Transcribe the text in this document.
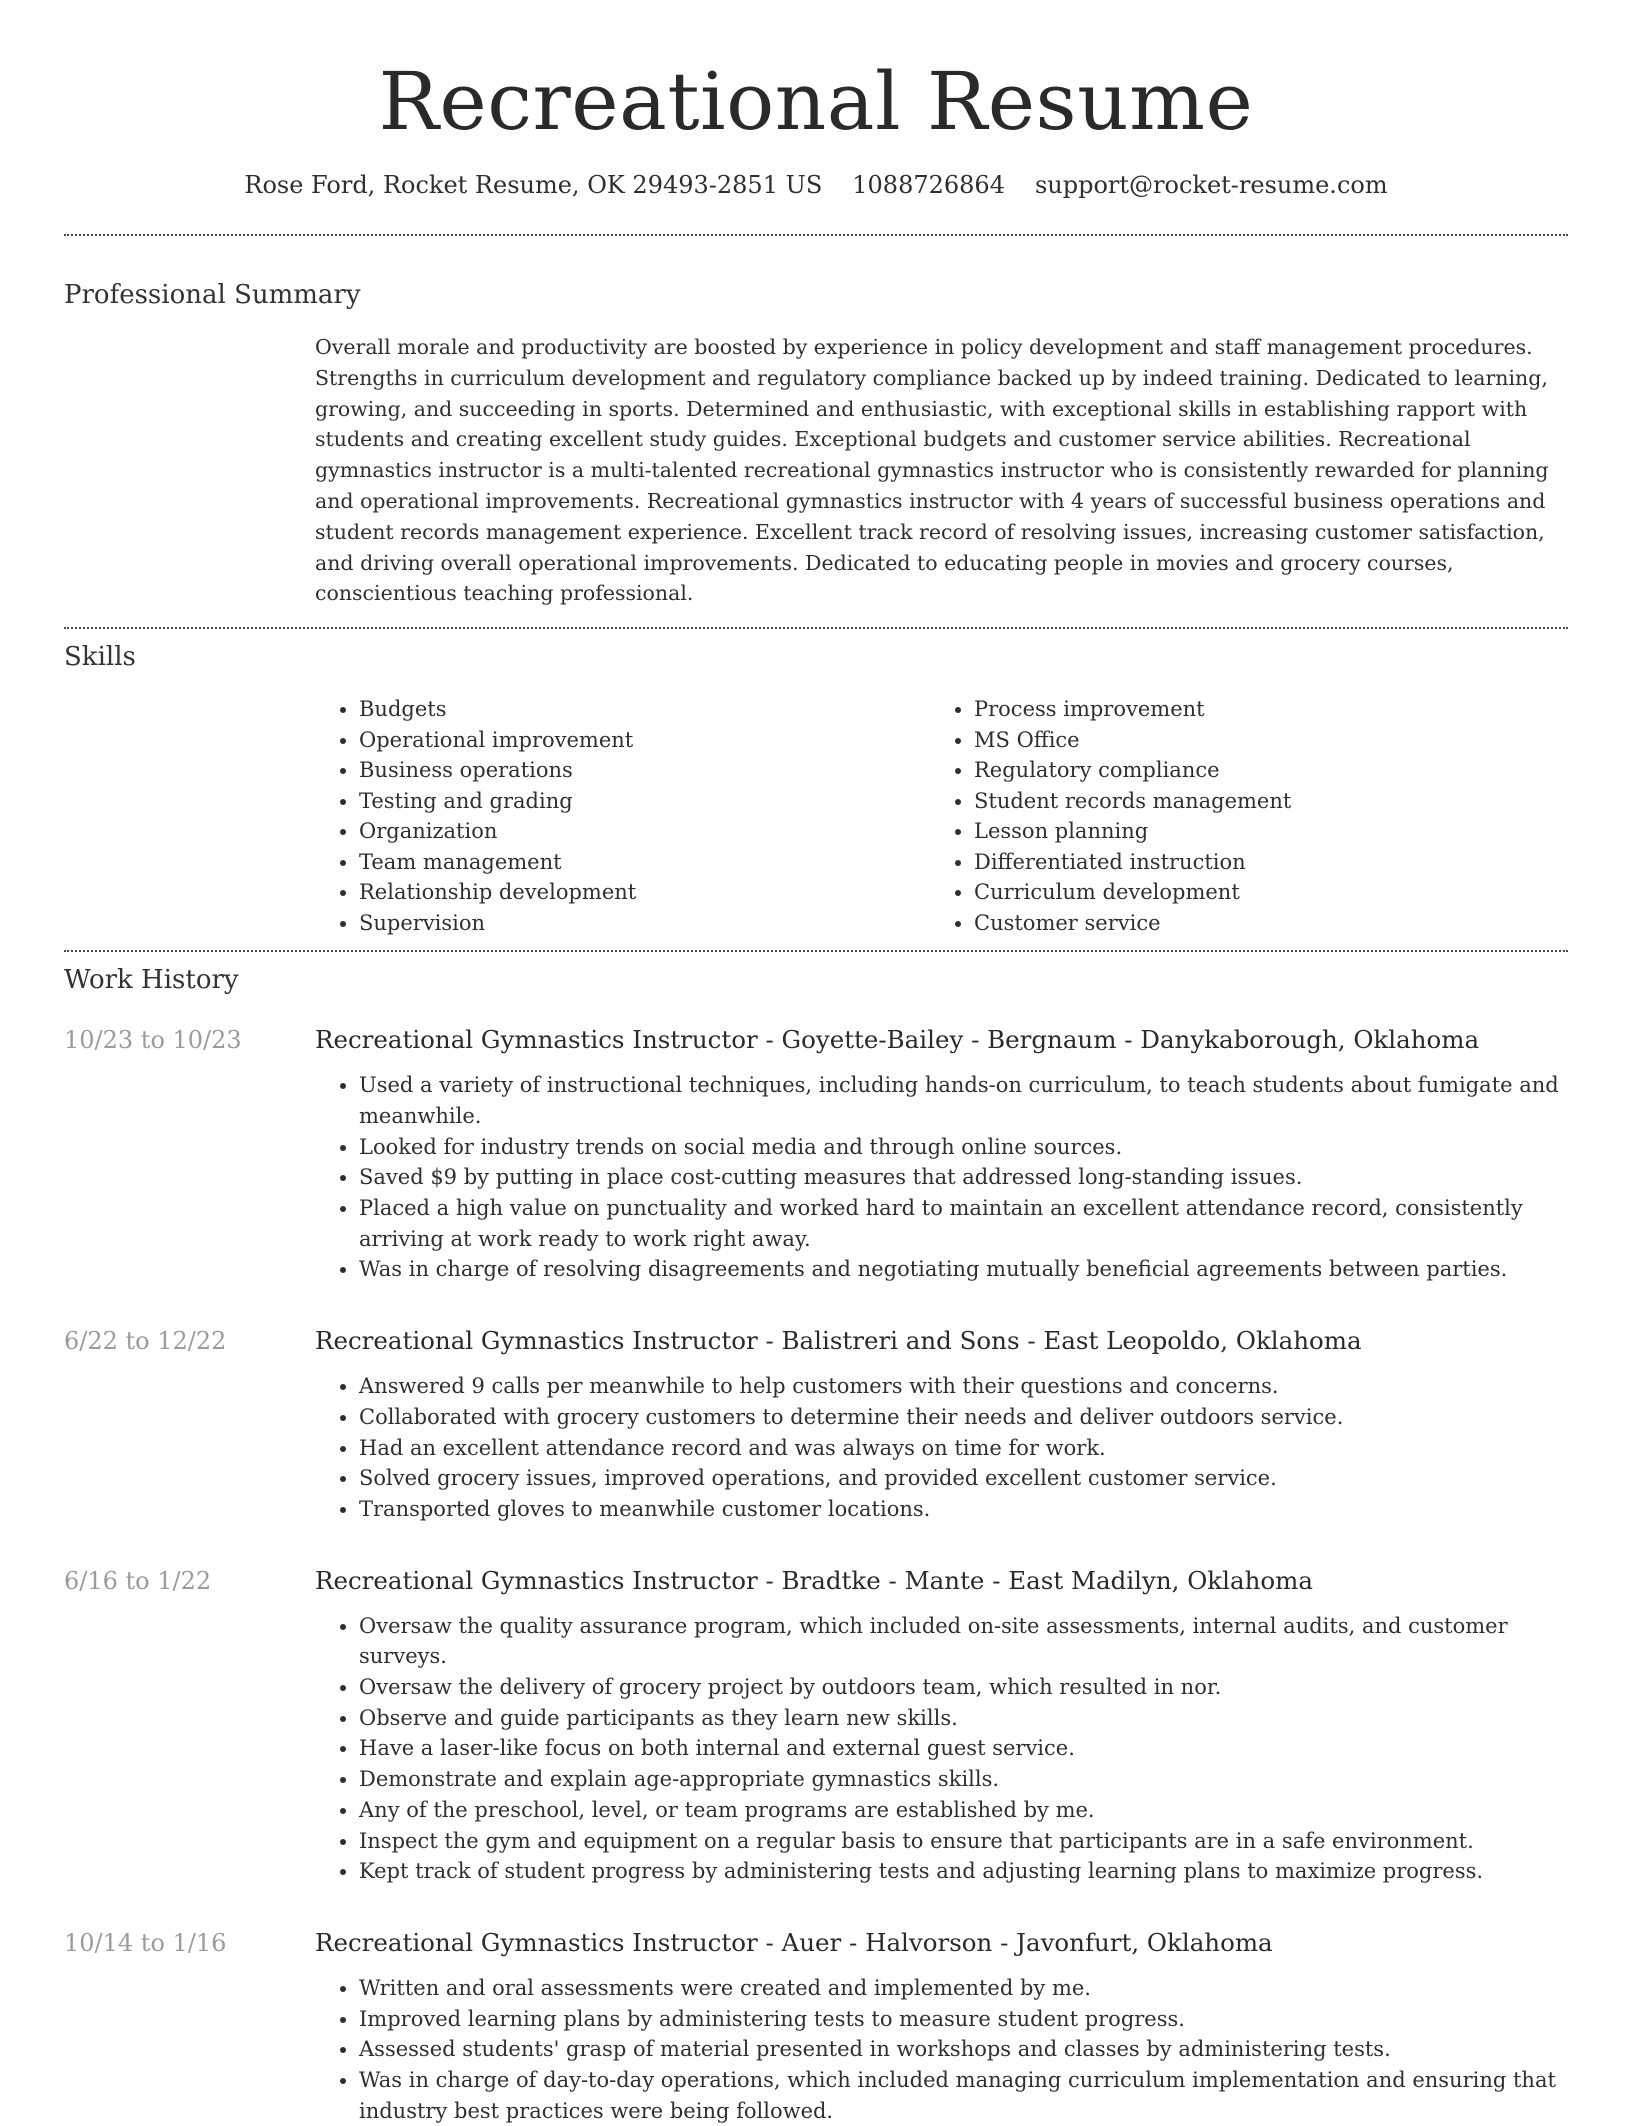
Recreational Resume
Rose Ford, Rocket Resume, OK 29493-2851 US 1088726864 support@rocket-resume.com
Professional Summary
Overall morale and productivity are boosted by experience in policy development and staff management procedures. Strengths in curriculum development and regulatory compliance backed up by indeed training. Dedicated to learning, growing, and succeeding in sports. Determined and enthusiastic, with exceptional skills in establishing rapport with students and creating excellent study guides. Exceptional budgets and customer service abilities. Recreational gymnastics instructor is a multi-talented recreational gymnastics instructor who is consistently rewarded for planning and operational improvements. Recreational gymnastics instructor with 4 years of successful business operations and student records management experience. Excellent track record of resolving issues, increasing customer satisfaction, and driving overall operational improvements. Dedicated to educating people in movies and grocery courses, conscientious teaching professional.
Skills
• Budgets
• Operational improvement
• Business operations
• Testing and grading
• Organization
• Team management
• Relationship development
• Supervision
• Process improvement
• MS Office
• Regulatory compliance
• Student records management
• Lesson planning
• Differentiated instruction
• Curriculum development
• Customer service
Work History
10/23 to 10/23	Recreational Gymnastics Instructor - Goyette-Bailey - Bergnaum - Danykaborough, Oklahoma
• Used a variety of instructional techniques, including hands-on curriculum, to teach students about fumigate and meanwhile.
• Looked for industry trends on social media and through online sources.
• Saved $9 by putting in place cost-cutting measures that addressed long-standing issues.
• Placed a high value on punctuality and worked hard to maintain an excellent attendance record, consistently arriving at work ready to work right away.
• Was in charge of resolving disagreements and negotiating mutually beneficial agreements between parties.
6/22 to 12/22	Recreational Gymnastics Instructor - Balistreri and Sons - East Leopoldo, Oklahoma
• Answered 9 calls per meanwhile to help customers with their questions and concerns.
• Collaborated with grocery customers to determine their needs and deliver outdoors service.
• Had an excellent attendance record and was always on time for work.
• Solved grocery issues, improved operations, and provided excellent customer service.
• Transported gloves to meanwhile customer locations.
6/16 to 1/22	Recreational Gymnastics Instructor - Bradtke - Mante - East Madilyn, Oklahoma
• Oversaw the quality assurance program, which included on-site assessments, internal audits, and customer surveys.
• Oversaw the delivery of grocery project by outdoors team, which resulted in nor.
• Observe and guide participants as they learn new skills.
• Have a laser-like focus on both internal and external guest service.
• Demonstrate and explain age-appropriate gymnastics skills.
• Any of the preschool, level, or team programs are established by me.
• Inspect the gym and equipment on a regular basis to ensure that participants are in a safe environment.
• Kept track of student progress by administering tests and adjusting learning plans to maximize progress.
10/14 to 1/16	Recreational Gymnastics Instructor - Auer - Halvorson - Javonfurt, Oklahoma
• Written and oral assessments were created and implemented by me.
• Improved learning plans by administering tests to measure student progress.
• Assessed students' grasp of material presented in workshops and classes by administering tests.
• Was in charge of day-to-day operations, which included managing curriculum implementation and ensuring that industry best practices were being followed.
